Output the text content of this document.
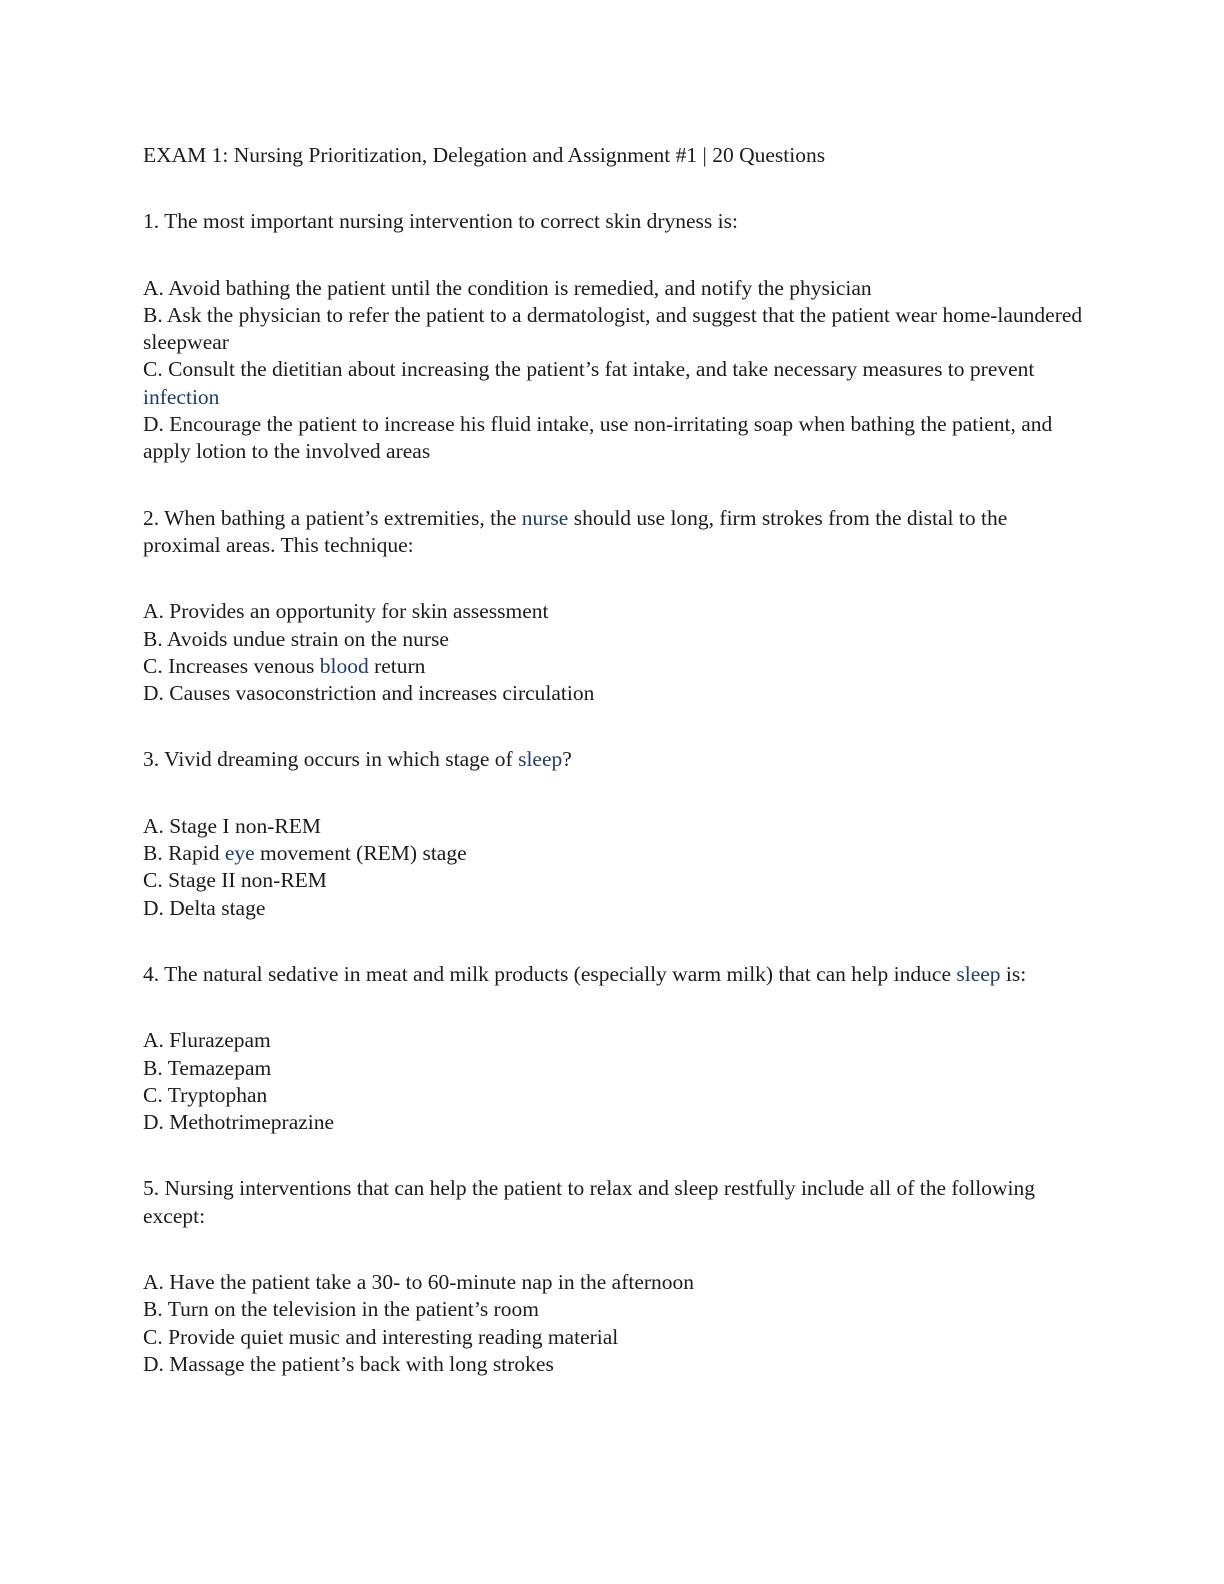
EXAM 1: Nursing Prioritization, Delegation and Assignment #1 | 20 Questions

1. The most important nursing intervention to correct skin dryness is:

A. Avoid bathing the patient until the condition is remedied, and notify the physician
B. Ask the physician to refer the patient to a dermatologist, and suggest that the patient wear home-laundered sleepwear
C. Consult the dietitian about increasing the patient’s fat intake, and take necessary measures to prevent infection
D. Encourage the patient to increase his fluid intake, use non-irritating soap when bathing the patient, and apply lotion to the involved areas

2. When bathing a patient’s extremities, the nurse should use long, firm strokes from the distal to the proximal areas. This technique:

A. Provides an opportunity for skin assessment
B. Avoids undue strain on the nurse
C. Increases venous blood return
D. Causes vasoconstriction and increases circulation

3. Vivid dreaming occurs in which stage of sleep?

A. Stage I non-REM
B. Rapid eye movement (REM) stage
C. Stage II non-REM
D. Delta stage

4. The natural sedative in meat and milk products (especially warm milk) that can help induce sleep is:

A. Flurazepam
B. Temazepam
C. Tryptophan
D. Methotrimeprazine

5. Nursing interventions that can help the patient to relax and sleep restfully include all of the following except:

A. Have the patient take a 30- to 60-minute nap in the afternoon
B. Turn on the television in the patient’s room
C. Provide quiet music and interesting reading material
D. Massage the patient’s back with long strokes
